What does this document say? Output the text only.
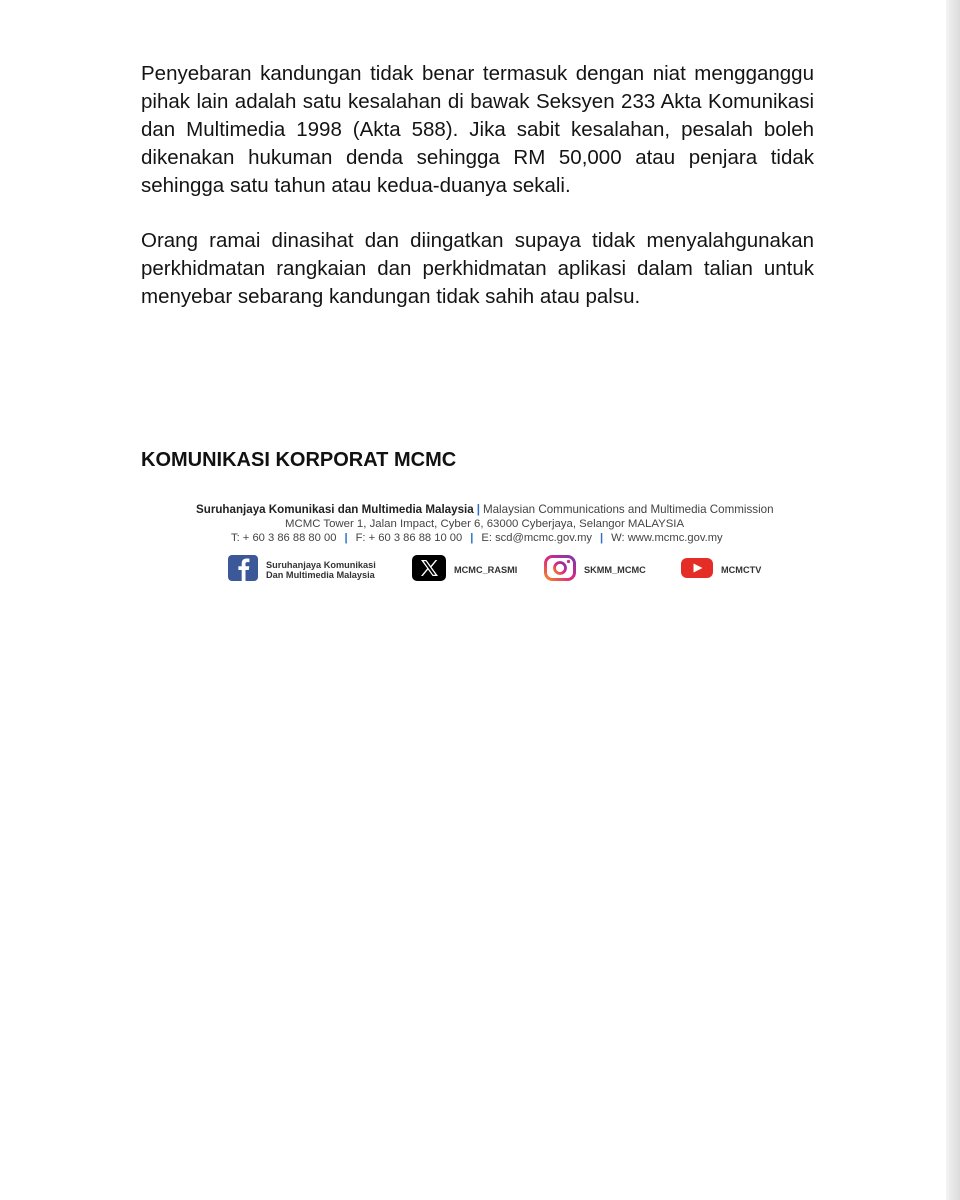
Penyebaran kandungan tidak benar termasuk dengan niat mengganggu pihak lain adalah satu kesalahan di bawak Seksyen 233 Akta Komunikasi dan Multimedia 1998 (Akta 588). Jika sabit kesalahan, pesalah boleh dikenakan hukuman denda sehingga RM 50,000 atau penjara tidak sehingga satu tahun atau kedua-duanya sekali.

Orang ramai dinasihat dan diingatkan supaya tidak menyalahgunakan perkhidmatan rangkaian dan perkhidmatan aplikasi dalam talian untuk menyebar sebarang kandungan tidak sahih atau palsu.

KOMUNIKASI KORPORAT MCMC

Suruhanjaya Komunikasi dan Multimedia Malaysia | Malaysian Communications and Multimedia Commission
MCMC Tower 1, Jalan Impact, Cyber 6, 63000 Cyberjaya, Selangor MALAYSIA
T: + 60 3 86 88 80 00 | F: + 60 3 86 88 10 00 | E: scd@mcmc.gov.my | W: www.mcmc.gov.my
Suruhanjaya Komunikasi
Dan Multimedia Malaysia	MCMC_RASMI	SKMM_MCMC	MCMCTV
